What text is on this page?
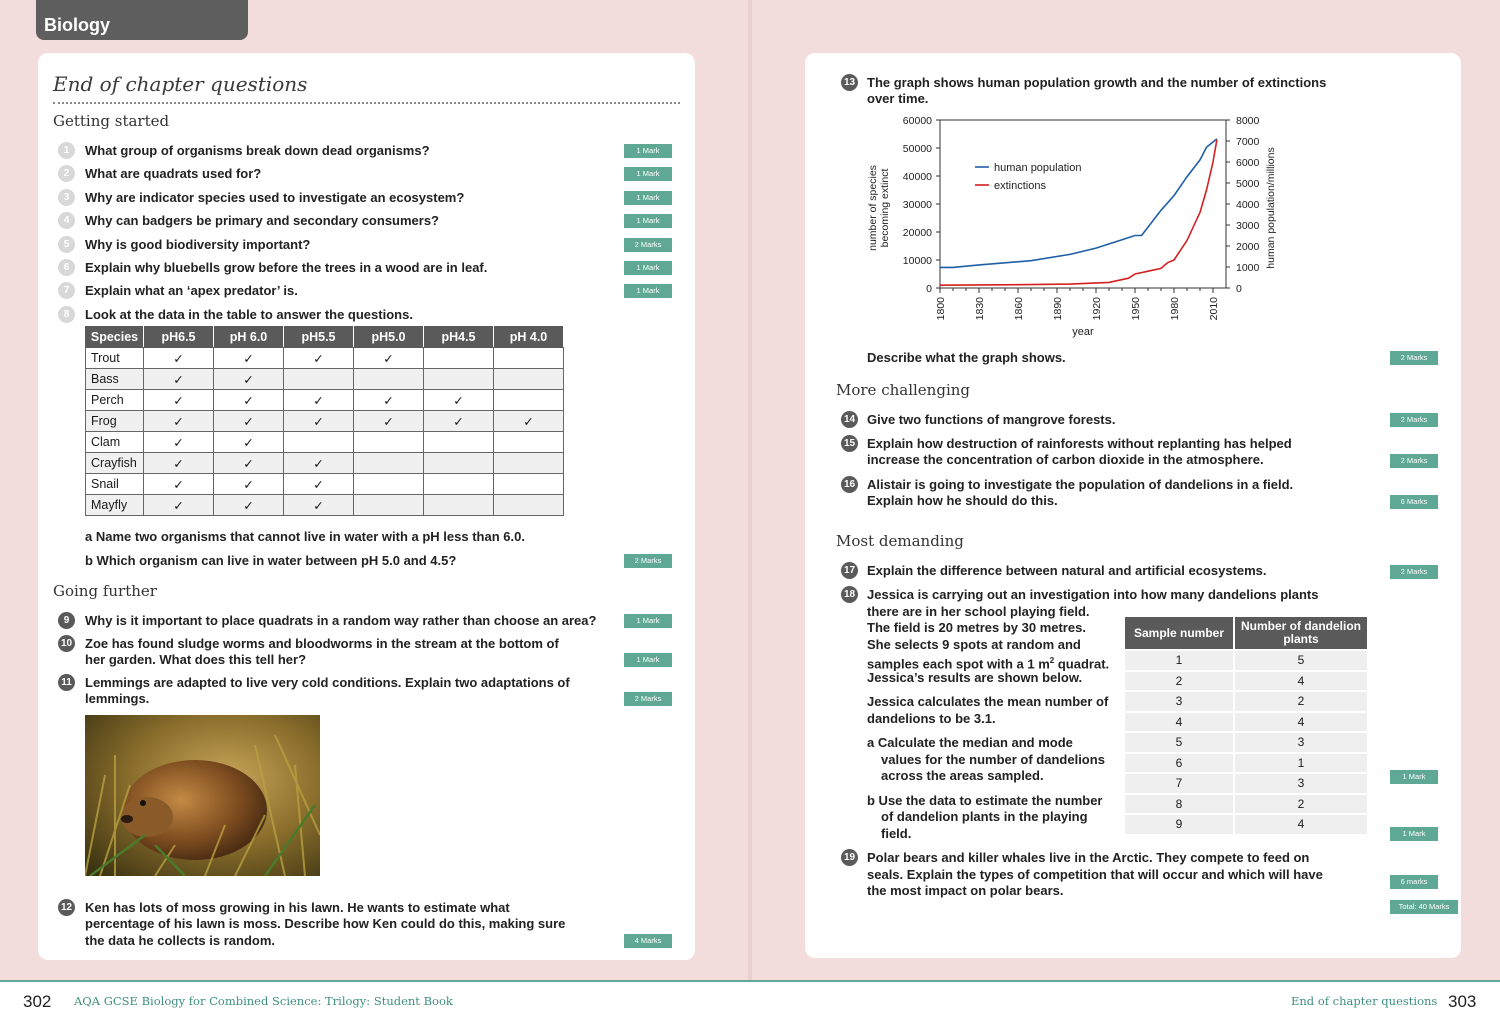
Biology
End of chapter questions
Getting started
1	What group of organisms break down dead organisms?	1 Mark
2	What are quadrats used for?	1 Mark
3	Why are indicator species used to investigate an ecosystem?	1 Mark
4	Why can badgers be primary and secondary consumers?	1 Mark
5	Why is good biodiversity important?	2 Marks
6	Explain why bluebells grow before the trees in a wood are in leaf.	1 Mark
7	Explain what an ‘apex predator’ is.	1 Mark
8	Look at the data in the table to answer the questions.
Species	pH6.5	pH 6.0	pH5.5	pH5.0	pH4.5	pH 4.0
Trout	✓	✓	✓	✓		
Bass	✓	✓				
Perch	✓	✓	✓	✓	✓	
Frog	✓	✓	✓	✓	✓	✓
Clam	✓	✓				
Crayfish	✓	✓	✓			
Snail	✓	✓	✓			
Mayfly	✓	✓	✓			
a Name two organisms that cannot live in water with a pH less than 6.0.
b Which organism can live in water between pH 5.0 and 4.5?	2 Marks
Going further
9	Why is it important to place quadrats in a random way rather than choose an area?	1 Mark
10 Zoe has found sludge worms and bloodworms in the stream at the bottom of
her garden. What does this tell her?	1 Mark
11 Lemmings are adapted to live very cold conditions. Explain two adaptations of
lemmings.	2 Marks
12 Ken has lots of moss growing in his lawn. He wants to estimate what
percentage of his lawn is moss. Describe how Ken could do this, making sure
the data he collects is random.	4 Marks
13 The graph shows human population growth and the number of extinctions
over time.
0
10000
20000
30000
40000
50000
60000
0
1000
2000
3000
4000
5000
6000
7000
8000
1800	1830	1860	1890	1920	1950	1980	2010
year
number of speciesbecoming extinct	human population/millions
human population
extinctions
Describe what the graph shows.	2 Marks
More challenging
14 Give two functions of mangrove forests.	2 Marks
15 Explain how destruction of rainforests without replanting has helped
increase the concentration of carbon dioxide in the atmosphere.	2 Marks
16 Alistair is going to investigate the population of dandelions in a field.
Explain how he should do this.	6 Marks
Most demanding
17 Explain the difference between natural and artificial ecosystems.	2 Marks
18 Jessica is carrying out an investigation into how many dandelions plants
there are in her school playing field.
The field is 20 metres by 30 metres.
She selects 9 spots at random and
samples each spot with a 1 $m^2$ quadrat.
Jessica’s results are shown below.
Jessica calculates the mean number of
dandelions to be 3.1.
a Calculate the median and mode
values for the number of dandelions
across the areas sampled.	1 Mark
b Use the data to estimate the number
of dandelion plants in the playing
field.	1 Mark
Sample number	Number of dandelion plants
1	5
2	4
3	2
4	4
5	3
6	1
7	3
8	2
9	4
19 Polar bears and killer whales live in the Arctic. They compete to feed on
seals. Explain the types of competition that will occur and which will have
the most impact on polar bears.
6 marks
Total: 40 Marks
302 AQA GCSE Biology for Combined Science: Trilogy: Student Book	End of chapter questions 303
